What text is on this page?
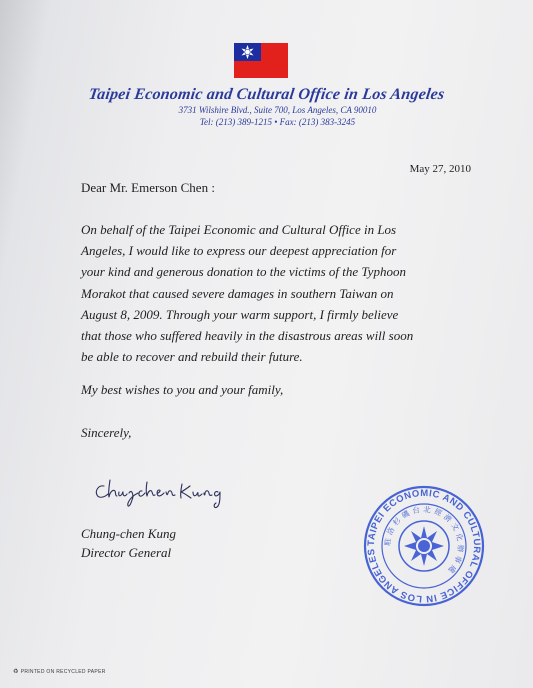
Taipei Economic and Cultural Office in Los Angeles
3731 Wilshire Blvd., Suite 700, Los Angeles, CA 90010
Tel: (213) 389-1215 • Fax: (213) 383-3245
May 27, 2010
Dear Mr. Emerson Chen :
On behalf of the Taipei Economic and Cultural Office in Los
Angeles, I would like to express our deepest appreciation for
your kind and generous donation to the victims of the Typhoon
Morakot that caused severe damages in southern Taiwan on
August 8, 2009. Through your warm support, I firmly believe
that those who suffered heavily in the disastrous areas will soon
be able to recover and rebuild their future.
My best wishes to you and your family,
Sincerely,
Chung-chen Kung
Director General
TAIPEI ECONOMIC AND CULTURAL OFFICE IN LOS ANGELES
駐洛杉磯台北經濟文化辦事處
♻ PRINTED ON RECYCLED PAPER
